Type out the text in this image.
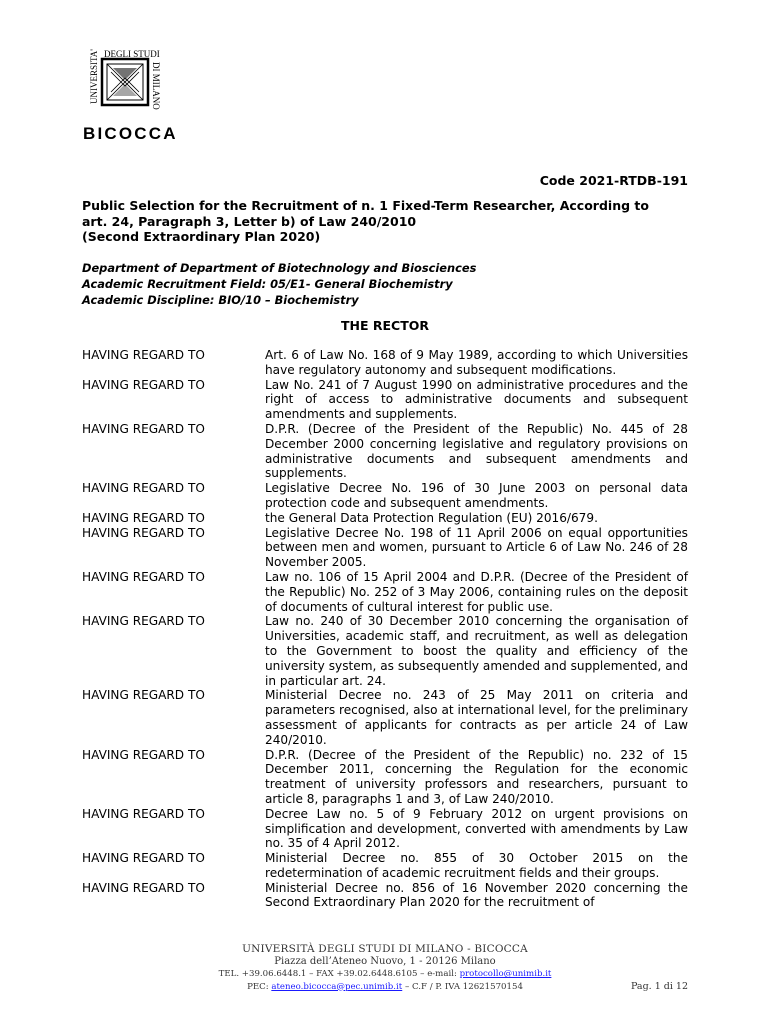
UNIVERSITA' DEGLI STUDI
DI MILANO
BICOCCA
Code 2021-RTDB-191
Public Selection for the Recruitment of n. 1 Fixed-Term Researcher, According to
art. 24, Paragraph 3, Letter b) of Law 240/2010
(Second Extraordinary Plan 2020)
Department of Department of Biotechnology and Biosciences
Academic Recruitment Field: 05/E1- General Biochemistry
Academic Discipline: BIO/10 – Biochemistry
THE RECTOR
HAVING REGARD TO	Art. 6 of Law No. 168 of 9 May 1989, according to which Universities have regulatory autonomy and subsequent modifications.
HAVING REGARD TO	Law No. 241 of 7 August 1990 on administrative procedures and the right of access to administrative documents and subsequent amendments and supplements.
HAVING REGARD TO	D.P.R. (Decree of the President of the Republic) No. 445 of 28 December 2000 concerning legislative and regulatory provisions on administrative documents and subsequent amendments and supplements.
HAVING REGARD TO	Legislative Decree No. 196 of 30 June 2003 on personal data protection code and subsequent amendments.
HAVING REGARD TO	the General Data Protection Regulation (EU) 2016/679.
HAVING REGARD TO	Legislative Decree No. 198 of 11 April 2006 on equal opportunities between men and women, pursuant to Article 6 of Law No. 246 of 28 November 2005.
HAVING REGARD TO	Law no. 106 of 15 April 2004 and D.P.R. (Decree of the President of the Republic) No. 252 of 3 May 2006, containing rules on the deposit of documents of cultural interest for public use.
HAVING REGARD TO	Law no. 240 of 30 December 2010 concerning the organisation of Universities, academic staff, and recruitment, as well as delegation to the Government to boost the quality and efficiency of the university system, as subsequently amended and supplemented, and in particular art. 24.
HAVING REGARD TO	Ministerial Decree no. 243 of 25 May 2011 on criteria and parameters recognised, also at international level, for the preliminary assessment of applicants for contracts as per article 24 of Law 240/2010.
HAVING REGARD TO	D.P.R. (Decree of the President of the Republic) no. 232 of 15 December 2011, concerning the Regulation for the economic treatment of university professors and researchers, pursuant to article 8, paragraphs 1 and 3, of Law 240/2010.
HAVING REGARD TO	Decree Law no. 5 of 9 February 2012 on urgent provisions on simplification and development, converted with amendments by Law no. 35 of 4 April 2012.
HAVING REGARD TO	Ministerial Decree no. 855 of 30 October 2015 on the redetermination of academic recruitment fields and their groups.
HAVING REGARD TO	Ministerial Decree no. 856 of 16 November 2020 concerning the Second Extraordinary Plan 2020 for the recruitment of
UNIVERSITÀ DEGLI STUDI DI MILANO - BICOCCA
Piazza dell’Ateneo Nuovo, 1 - 20126 Milano
TEL. +39.06.6448.1 – FAX +39.02.6448.6105 – e-mail: protocollo@unimib.it
PEC: ateneo.bicocca@pec.unimib.it – C.F / P. IVA 12621570154	Pag. 1 di 12
